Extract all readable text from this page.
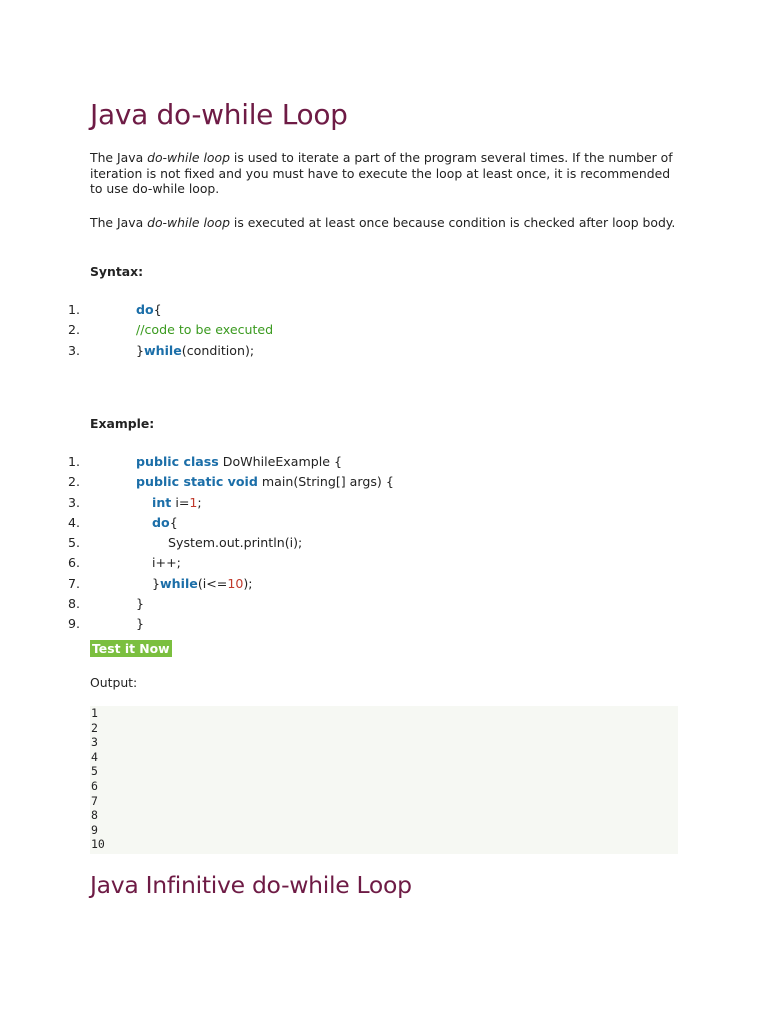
Java do-while Loop

The Java do-while loop is used to iterate a part of the program several times. If the number of iteration is not fixed and you must have to execute the loop at least once, it is recommended to use do-while loop.

The Java do-while loop is executed at least once because condition is checked after loop body.

Syntax:

1.	do{
2.	//code to be executed
3.	}while(condition);

Example:

1.	public class DoWhileExample {
2.	public static void main(String[] args) {
3.	int i=1;
4.	do{
5.	System.out.println(i);
6.	i++;
7.	}while(i<=10);
8.	}
9.	}
Test it Now

Output:

1
2
3
4
5
6
7
8
9
10
Java Infinitive do-while Loop
